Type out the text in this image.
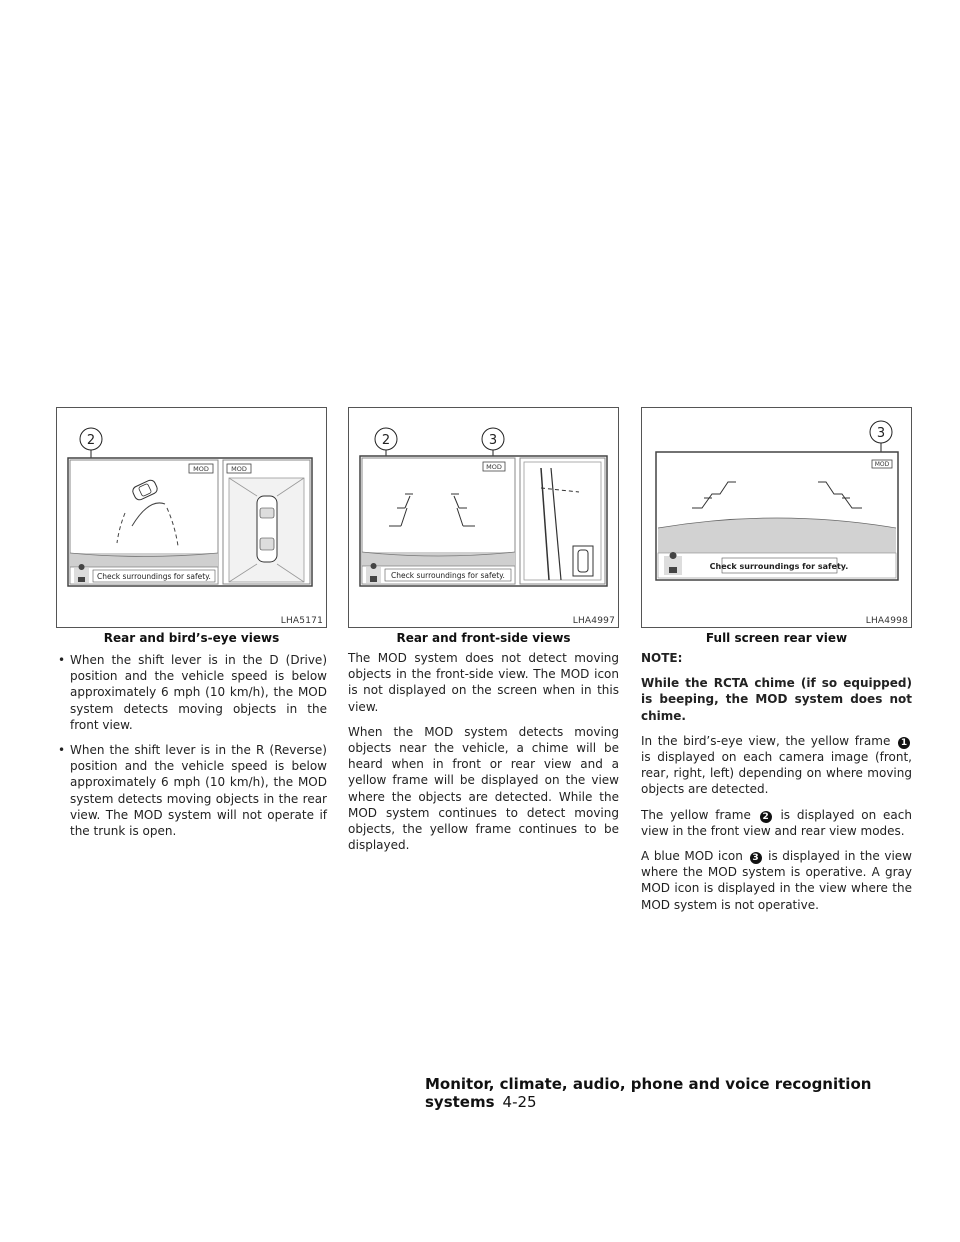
2
MOD	MOD
Check surroundings for safety.
LHA5171
2	3
MOD
Check surroundings for safety.
LHA4997
3
MOD
Check surroundings for safety.
LHA4998
Rear and bird’s-eye views	Rear and front-side views	Full screen rear view
• When the shift lever is in the D (Drive) position and the vehicle speed is below approximately 6 mph (10 km/h), the MOD system detects moving objects in the front view.
• When the shift lever is in the R (Reverse) position and the vehicle speed is below approximately 6 mph (10 km/h), the MOD system detects moving objects in the rear view. The MOD system will not operate if the trunk is open.

The MOD system does not detect moving objects in the front-side view. The MOD icon is not displayed on the screen when in this view.

When the MOD system detects moving objects near the vehicle, a chime will be heard when in front or rear view and a yellow frame will be displayed on the view where the objects are detected. While the MOD system continues to detect moving objects, the yellow frame continues to be displayed.

NOTE:

While the RCTA chime (if so equipped) is beeping, the MOD system does not chime.

In the bird’s-eye view, the yellow frame 1 is displayed on each camera image (front, rear, right, left) depending on where moving objects are detected.

The yellow frame 2 is displayed on each view in the front view and rear view modes.

A blue MOD icon 3 is displayed in the view where the MOD system is operative. A gray MOD icon is displayed in the view where the MOD system is not operative.

Monitor, climate, audio, phone and voice recognition systems 4-25
